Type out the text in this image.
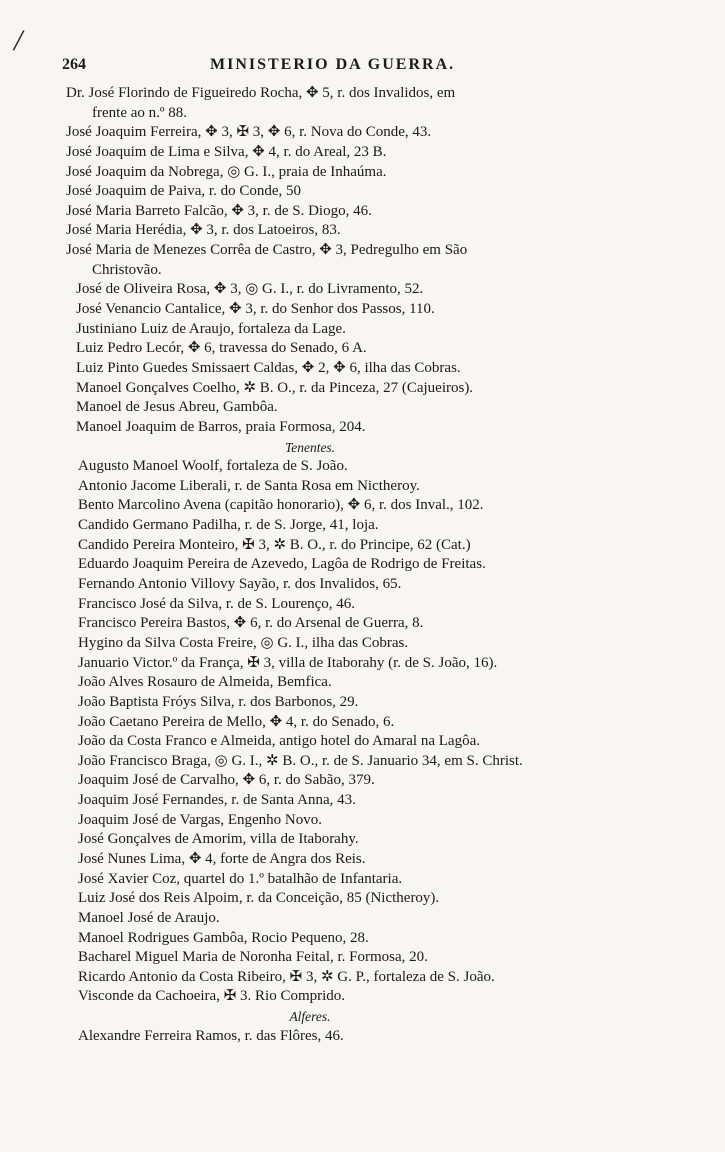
/
264	MINISTERIO DA GUERRA.
Dr. José Florindo de Figueiredo Rocha, ✥ 5, r. dos Invalidos, em
frente ao n.º 88.
José Joaquim Ferreira, ✥ 3, ✠ 3, ✥ 6, r. Nova do Conde, 43.
José Joaquim de Lima e Silva, ✥ 4, r. do Areal, 23 B.
José Joaquim da Nobrega, ◎ G. I., praia de Inhaúma.
José Joaquim de Paiva, r. do Conde, 50
José Maria Barreto Falcão, ✥ 3, r. de S. Diogo, 46.
José Maria Herédia, ✥ 3, r. dos Latoeiros, 83.
José Maria de Menezes Corrêa de Castro, ✥ 3, Pedregulho em São
Christovão.
José de Oliveira Rosa, ✥ 3, ◎ G. I., r. do Livramento, 52.
José Venancio Cantalice, ✥ 3, r. do Senhor dos Passos, 110.
Justiniano Luiz de Araujo, fortaleza da Lage.
Luiz Pedro Lecór, ✥ 6, travessa do Senado, 6 A.
Luiz Pinto Guedes Smissaert Caldas, ✥ 2, ✥ 6, ilha das Cobras.
Manoel Gonçalves Coelho, ✲ B. O., r. da Pinceza, 27 (Cajueiros).
Manoel de Jesus Abreu, Gambôa.
Manoel Joaquim de Barros, praia Formosa, 204.
Tenentes.
Augusto Manoel Woolf, fortaleza de S. João.
Antonio Jacome Liberali, r. de Santa Rosa em Nictheroy.
Bento Marcolino Avena (capitão honorario), ✥ 6, r. dos Inval., 102.
Candido Germano Padilha, r. de S. Jorge, 41, loja.
Candido Pereira Monteiro, ✠ 3, ✲ B. O., r. do Principe, 62 (Cat.)
Eduardo Joaquim Pereira de Azevedo, Lagôa de Rodrigo de Freitas.
Fernando Antonio Villovy Sayão, r. dos Invalidos, 65.
Francisco José da Silva, r. de S. Lourenço, 46.
Francisco Pereira Bastos, ✥ 6, r. do Arsenal de Guerra, 8.
Hygino da Silva Costa Freire, ◎ G. I., ilha das Cobras.
Januario Victor.º da França, ✠ 3, villa de Itaborahy (r. de S. João, 16).
João Alves Rosauro de Almeida, Bemfica.
João Baptista Fróys Silva, r. dos Barbonos, 29.
João Caetano Pereira de Mello, ✥ 4, r. do Senado, 6.
João da Costa Franco e Almeida, antigo hotel do Amaral na Lagôa.
João Francisco Braga, ◎ G. I., ✲ B. O., r. de S. Januario 34, em S. Christ.
Joaquim José de Carvalho, ✥ 6, r. do Sabão, 379.
Joaquim José Fernandes, r. de Santa Anna, 43.
Joaquim José de Vargas, Engenho Novo.
José Gonçalves de Amorim, villa de Itaborahy.
José Nunes Lima, ✥ 4, forte de Angra dos Reis.
José Xavier Coz, quartel do 1.º batalhão de Infantaria.
Luiz José dos Reis Alpoim, r. da Conceição, 85 (Nictheroy).
Manoel José de Araujo.
Manoel Rodrigues Gambôa, Rocio Pequeno, 28.
Bacharel Miguel Maria de Noronha Feital, r. Formosa, 20.
Ricardo Antonio da Costa Ribeiro, ✠ 3, ✲ G. P., fortaleza de S. João.
Visconde da Cachoeira, ✠ 3. Rio Comprido.
Alferes.
Alexandre Ferreira Ramos, r. das Flôres, 46.
